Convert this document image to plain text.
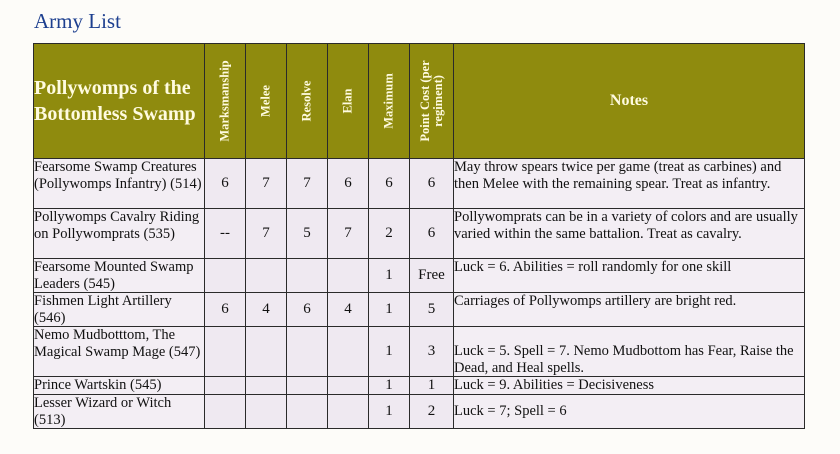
Army List
Pollywomps of the Bottomless Swamp	Marksmanship	Melee	Resolve	Elan	Maximum	Point Cost (per regiment)	Notes
Fearsome Swamp Creatures (Pollywomps Infantry) (514)	6	7	7	6	6	6	May throw spears twice per game (treat as carbines) and then Melee with the remaining spear. Treat as infantry.
Pollywomps Cavalry Riding on Pollywomprats (535)	--	7	5	7	2	6	Pollywomprats can be in a variety of colors and are usually varied within the same battalion. Treat as cavalry.
Fearsome Mounted Swamp Leaders (545)					1	Free	Luck = 6. Abilities = roll randomly for one skill
Fishmen Light Artillery (546)	6	4	6	4	1	5	Carriages of Pollywomps artillery are bright red.
Nemo Mudbotttom, The Magical Swamp Mage (547)					1	3	Luck = 5. Spell = 7. Nemo Mudbottom has Fear, Raise the Dead, and Heal spells.
Prince Wartskin (545)					1	1	Luck = 9. Abilities = Decisiveness
Lesser Wizard or Witch (513)					1	2	Luck = 7; Spell = 6
